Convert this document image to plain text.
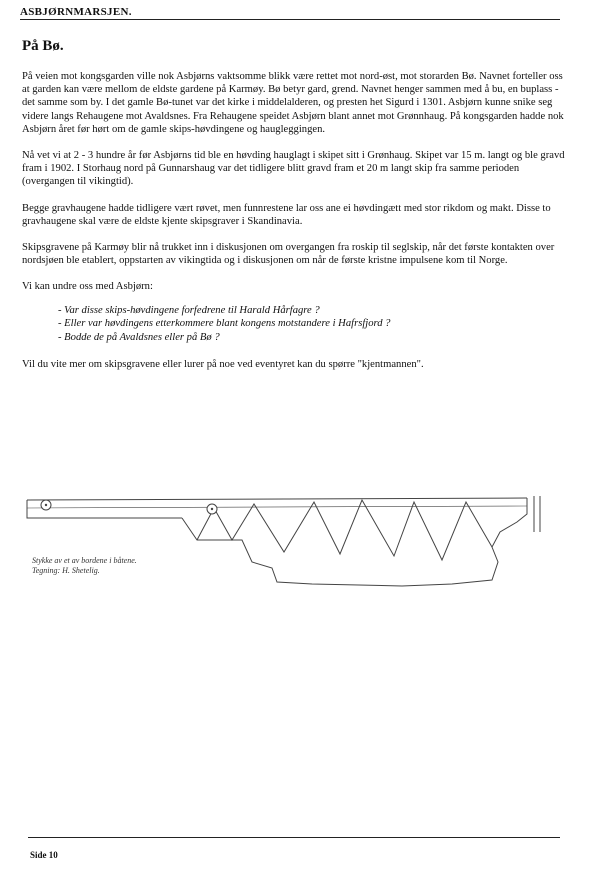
ASBJØRNMARSJEN.
På Bø.

På veien mot kongsgarden ville nok Asbjørns vaktsomme blikk være rettet mot nord-øst, mot storarden Bø. Navnet forteller oss at garden kan være mellom de eldste gardene på Karmøy. Bø betyr gard, grend. Navnet henger sammen med å bu, en buplass - det samme som by. I det gamle Bø-tunet var det kirke i middelalderen, og presten het Sigurd i 1301. Asbjørn kunne snike seg videre langs Rehaugene mot Avaldsnes. Fra Rehaugene speidet Asbjørn blant annet mot Grønnhaug. På kongsgarden hadde nok Asbjørn året før hørt om de gamle skips-høvdingene og haugleggingen.

Nå vet vi at 2 - 3 hundre år før Asbjørns tid ble en høvding hauglagt i skipet sitt i Grønhaug. Skipet var 15 m. langt og ble gravd fram i 1902. I Storhaug nord på Gunnarshaug var det tidligere blitt gravd fram et 20 m langt skip fra samme perioden (overgangen til vikingtid).

Begge gravhaugene hadde tidligere vært røvet, men funnrestene lar oss ane ei høvdingætt med stor rikdom og makt. Disse to gravhaugene skal være de eldste kjente skipsgraver i Skandinavia.

Skipsgravene på Karmøy blir nå trukket inn i diskusjonen om overgangen fra roskip til seglskip, når det første kontakten over nordsjøen ble etablert, oppstarten av vikingtida og i diskusjonen om når de første kristne impulsene kom til Norge.

Vi kan undre oss med Asbjørn:

- Var disse skips-høvdingene forfedrene til Harald Hårfagre ?
- Eller var høvdingens etterkommere blant kongens motstandere i Hafrsfjord ?
- Bodde de på Avaldsnes eller på Bø ?

Vil du vite mer om skipsgravene eller lurer på noe ved eventyret kan du spørre "kjentmannen".

Stykke av et av bordene i båtene.
Tegning: H. Shetelig.
Side 10
